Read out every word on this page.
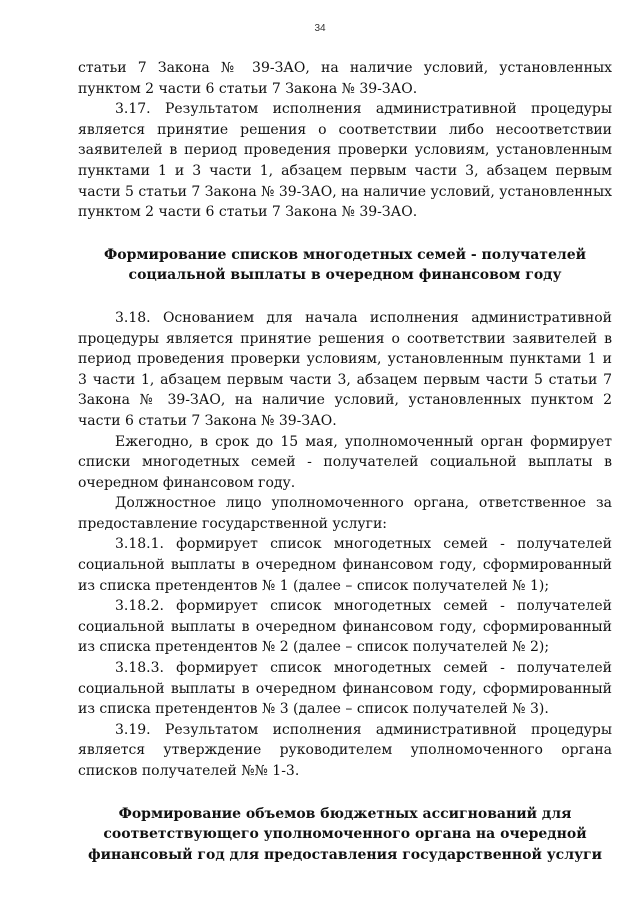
34

статьи 7 Закона № 39-ЗАО, на наличие условий, установленных пунктом 2 части 6 статьи 7 Закона № 39-ЗАО.

3.17. Результатом исполнения административной процедуры является принятие решения о соответствии либо несоответствии заявителей в период проведения проверки условиям, установленным пунктами 1 и 3 части 1, абзацем первым части 3, абзацем первым части 5 статьи 7 Закона № 39-ЗАО, на наличие условий, установленных пунктом 2 части 6 статьи 7 Закона № 39-ЗАО.

Формирование списков многодетных семей - получателей социальной выплаты в очередном финансовом году

3.18. Основанием для начала исполнения административной процедуры является принятие решения о соответствии заявителей в период проведения проверки условиям, установленным пунктами 1 и 3 части 1, абзацем первым части 3, абзацем первым части 5 статьи 7 Закона № 39-ЗАО, на наличие условий, установленных пунктом 2 части 6 статьи 7 Закона № 39-ЗАО.

Ежегодно, в срок до 15 мая, уполномоченный орган формирует списки многодетных семей - получателей социальной выплаты в очередном финансовом году.

Должностное лицо уполномоченного органа, ответственное за предоставление государственной услуги:

3.18.1. формирует список многодетных семей - получателей социальной выплаты в очередном финансовом году, сформированный из списка претендентов № 1 (далее – список получателей № 1);

3.18.2. формирует список многодетных семей - получателей социальной выплаты в очередном финансовом году, сформированный из списка претендентов № 2 (далее – список получателей № 2);

3.18.3. формирует список многодетных семей - получателей социальной выплаты в очередном финансовом году, сформированный из списка претендентов № 3 (далее – список получателей № 3).

3.19. Результатом исполнения административной процедуры является утверждение руководителем уполномоченного органа списков получателей №№ 1-3.

Формирование объемов бюджетных ассигнований для соответствующего уполномоченного органа на очередной финансовый год для предоставления государственной услуги
